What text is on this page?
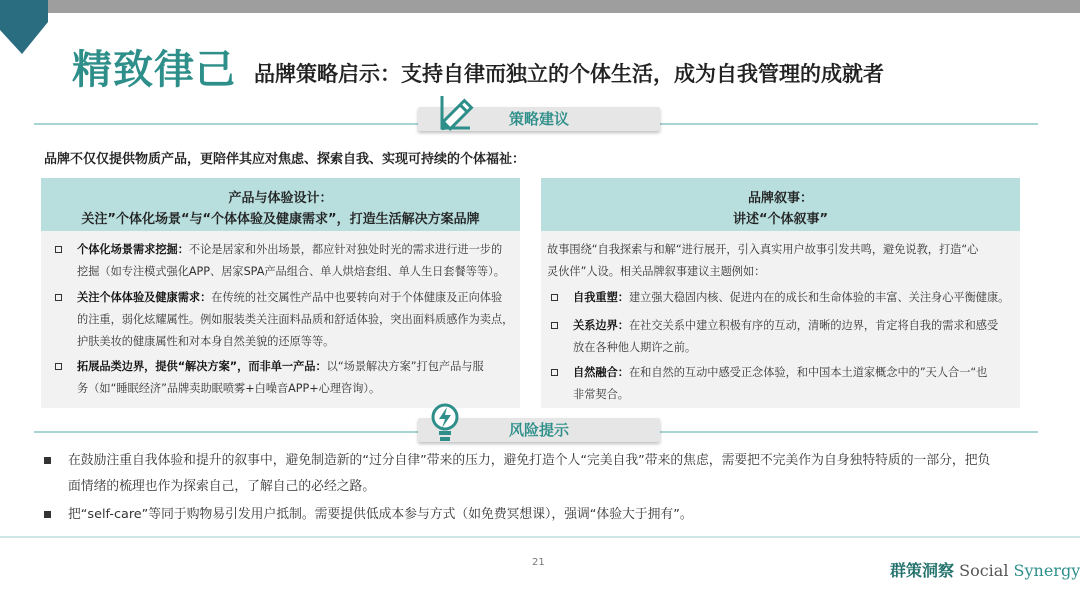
精致律己 品牌策略启示：支持自律而独立的个体生活，成为自我管理的成就者
策略建议
品牌不仅仅提供物质产品，更陪伴其应对焦虑、探索自我、实现可持续的个体福祉：
产品与体验设计：
关注”个体化场景“与“个体体验及健康需求”，打造生活解决方案品牌
个体化场景需求挖掘：不论是居家和外出场景，都应针对独处时光的需求进行进一步的
挖掘（如专注模式强化APP、居家SPA产品组合、单人烘焙套组、单人生日套餐等等）。
关注个体体验及健康需求：在传统的社交属性产品中也要转向对于个体健康及正向体验
的注重，弱化炫耀属性。例如服装类关注面料品质和舒适体验，突出面料质感作为卖点，
护肤美妆的健康属性和对本身自然美貌的还原等等。
拓展品类边界，提供“解决方案”，而非单一产品：以“场景解决方案”打包产品与服
务（如“睡眠经济”品牌卖助眠喷雾+白噪音APP+心理咨询）。
品牌叙事：
讲述“个体叙事”
故事围绕“自我探索与和解“进行展开，引入真实用户故事引发共鸣，避免说教，打造“心
灵伙伴”人设。相关品牌叙事建议主题例如：
自我重塑：建立强大稳固内核、促进内在的成长和生命体验的丰富、关注身心平衡健康。
关系边界：在社交关系中建立积极有序的互动，清晰的边界，肯定将自我的需求和感受
放在各种他人期许之前。
自然融合：在和自然的互动中感受正念体验，和中国本土道家概念中的”天人合一“也
非常契合。
风险提示
在鼓励注重自我体验和提升的叙事中，避免制造新的“过分自律”带来的压力，避免打造个人“完美自我”带来的焦虑，需要把不完美作为自身独特特质的一部分，把负
面情绪的梳理也作为探索自己，了解自己的必经之路。
把“self-care”等同于购物易引发用户抵制。需要提供低成本参与方式（如免费冥想课），强调“体验大于拥有”。
21	群策洞察 Social Synergy
